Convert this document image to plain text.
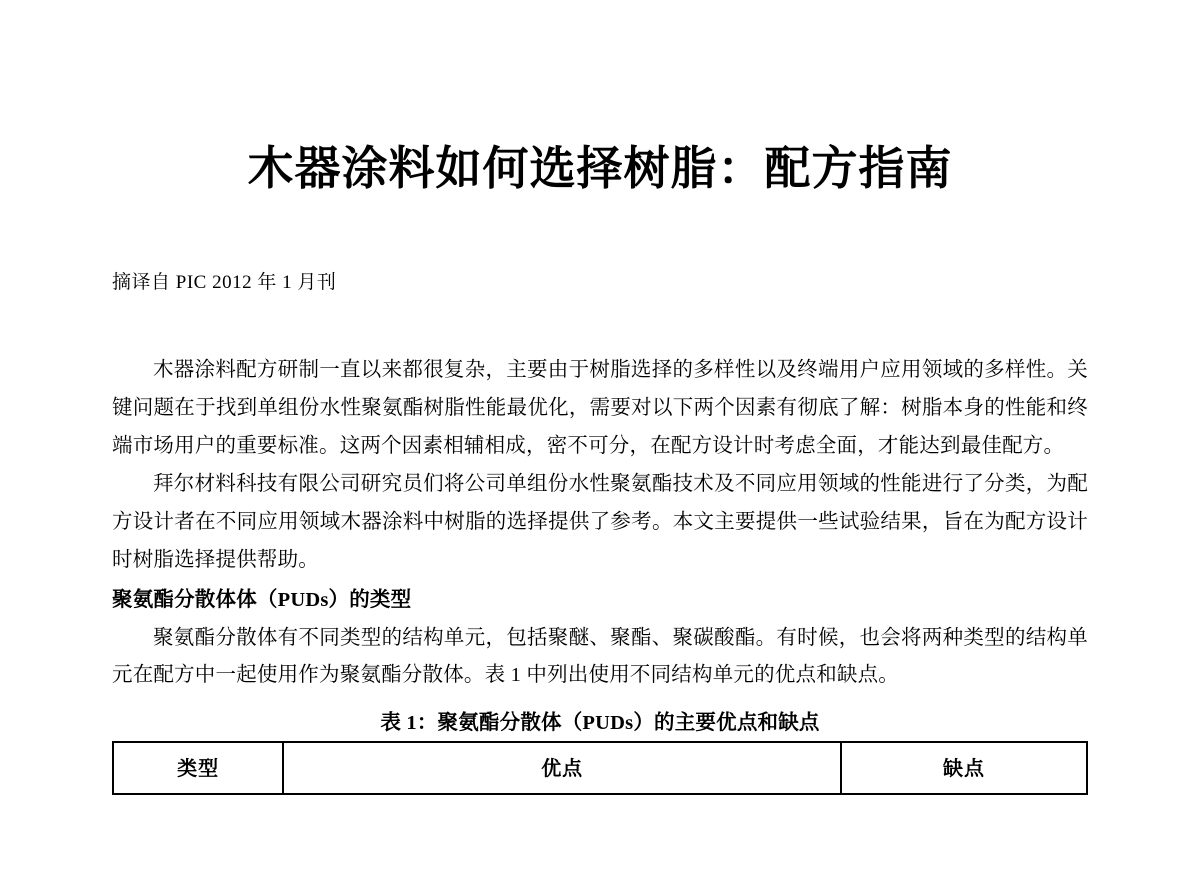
木器涂料如何选择树脂：配方指南

摘译自 PIC 2012 年 1 月刊

木器涂料配方研制一直以来都很复杂，主要由于树脂选择的多样性以及终端用户应用领域的多样性。关键问题在于找到单组份水性聚氨酯树脂性能最优化，需要对以下两个因素有彻底了解：树脂本身的性能和终端市场用户的重要标准。这两个因素相辅相成，密不可分，在配方设计时考虑全面，才能达到最佳配方。

拜尔材料科技有限公司研究员们将公司单组份水性聚氨酯技术及不同应用领域的性能进行了分类，为配方设计者在不同应用领域木器涂料中树脂的选择提供了参考。本文主要提供一些试验结果，旨在为配方设计时树脂选择提供帮助。

聚氨酯分散体体（PUDs）的类型

聚氨酯分散体有不同类型的结构单元，包括聚醚、聚酯、聚碳酸酯。有时候，也会将两种类型的结构单元在配方中一起使用作为聚氨酯分散体。表 1 中列出使用不同结构单元的优点和缺点。

表 1：聚氨酯分散体（PUDs）的主要优点和缺点
类型	优点	缺点
